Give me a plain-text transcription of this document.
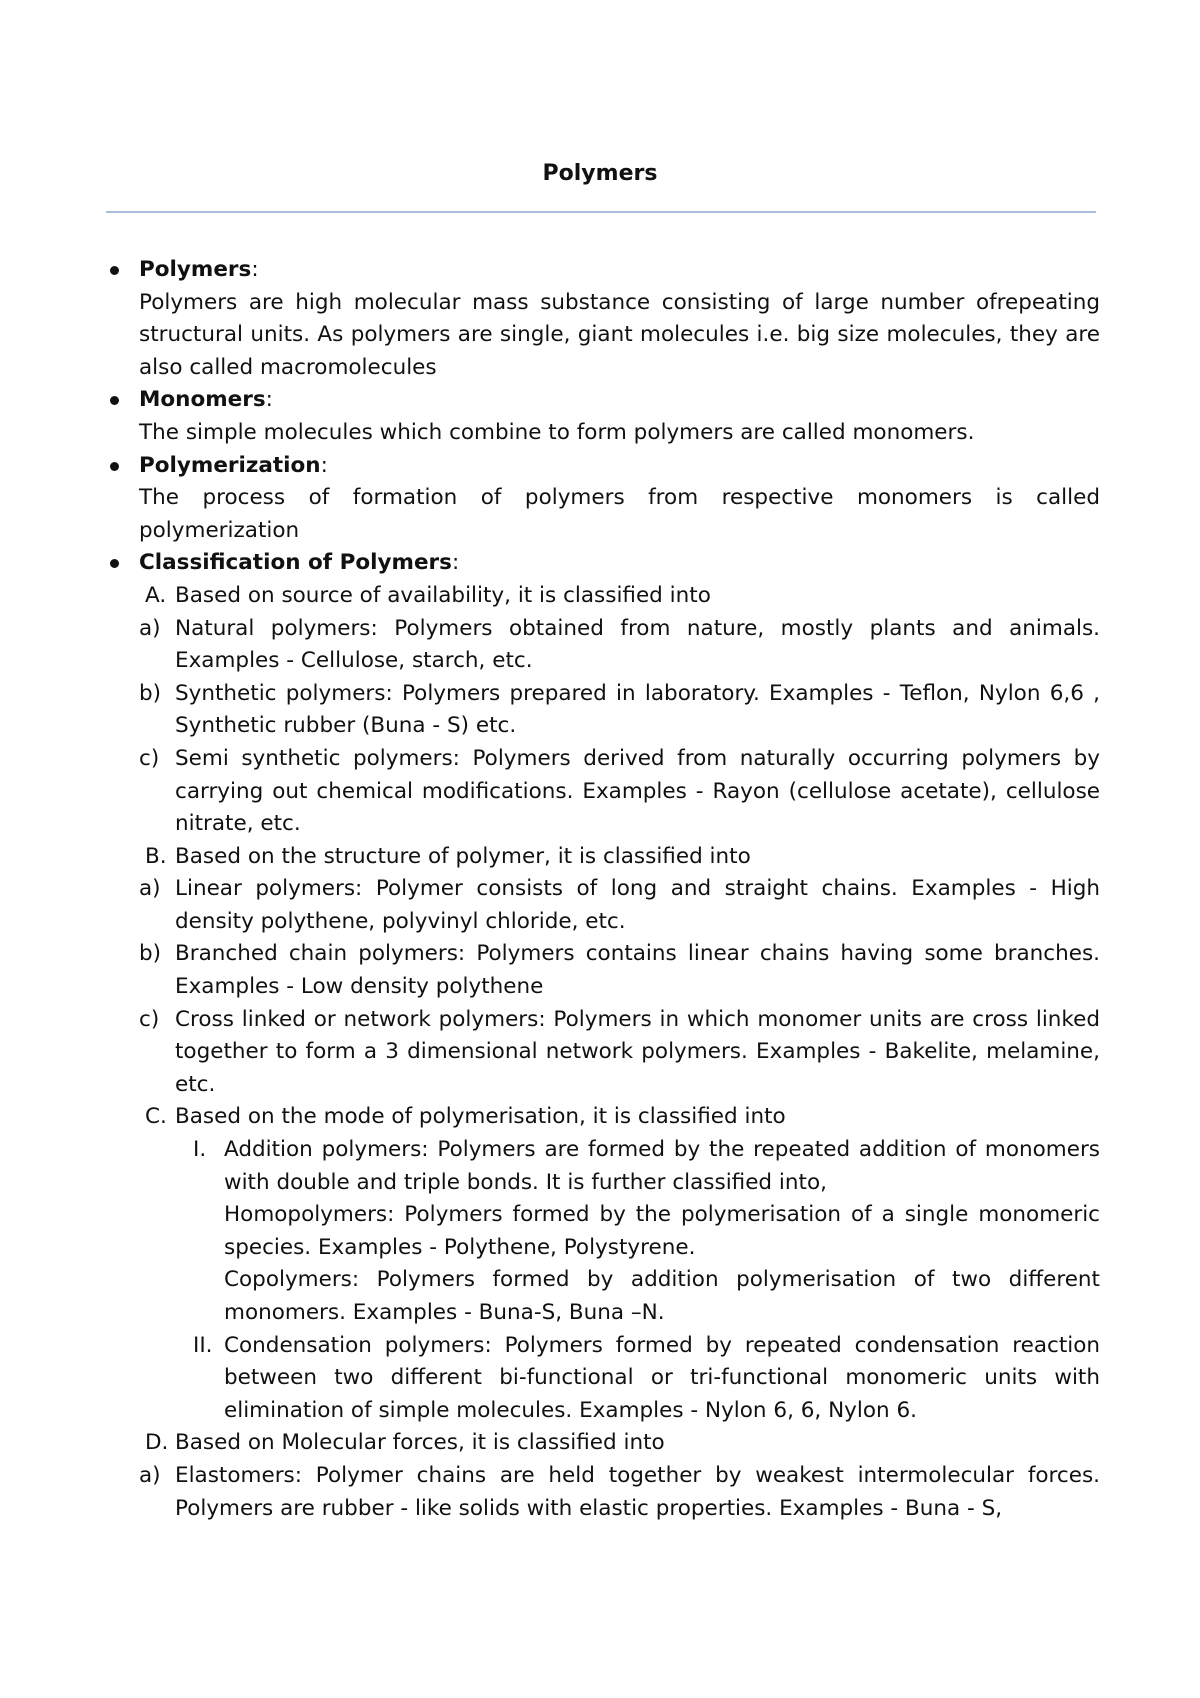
Polymers
Polymers:
Polymers are high molecular mass substance consisting of large number ofrepeating structural units. As polymers are single, giant molecules i.e. big size molecules, they are also called macromolecules
Monomers:
The simple molecules which combine to form polymers are called monomers.
Polymerization:
The process of formation of polymers from respective monomers is called polymerization
Classification of Polymers:
A. Based on source of availability, it is classified into
a) Natural polymers: Polymers obtained from nature, mostly plants and animals. Examples - Cellulose, starch, etc.
b) Synthetic polymers: Polymers prepared in laboratory. Examples - Teflon, Nylon 6,6 , Synthetic rubber (Buna - S) etc.
c) Semi synthetic polymers: Polymers derived from naturally occurring polymers by carrying out chemical modifications. Examples - Rayon (cellulose acetate), cellulose nitrate, etc.
B. Based on the structure of polymer, it is classified into
a) Linear polymers: Polymer consists of long and straight chains. Examples - High density polythene, polyvinyl chloride, etc.
b) Branched chain polymers: Polymers contains linear chains having some branches. Examples - Low density polythene
c) Cross linked or network polymers: Polymers in which monomer units are cross linked together to form a 3 dimensional network polymers. Examples - Bakelite, melamine, etc.
C. Based on the mode of polymerisation, it is classified into
I. Addition polymers: Polymers are formed by the repeated addition of monomers with double and triple bonds. It is further classified into,
Homopolymers: Polymers formed by the polymerisation of a single monomeric species. Examples - Polythene, Polystyrene.
Copolymers: Polymers formed by addition polymerisation of two different monomers. Examples - Buna-S, Buna –N.
II. Condensation polymers: Polymers formed by repeated condensation reaction between two different bi-functional or tri-functional monomeric units with elimination of simple molecules. Examples - Nylon 6, 6, Nylon 6.
D. Based on Molecular forces, it is classified into
a) Elastomers: Polymer chains are held together by weakest intermolecular forces. Polymers are rubber - like solids with elastic properties. Examples - Buna - S,
